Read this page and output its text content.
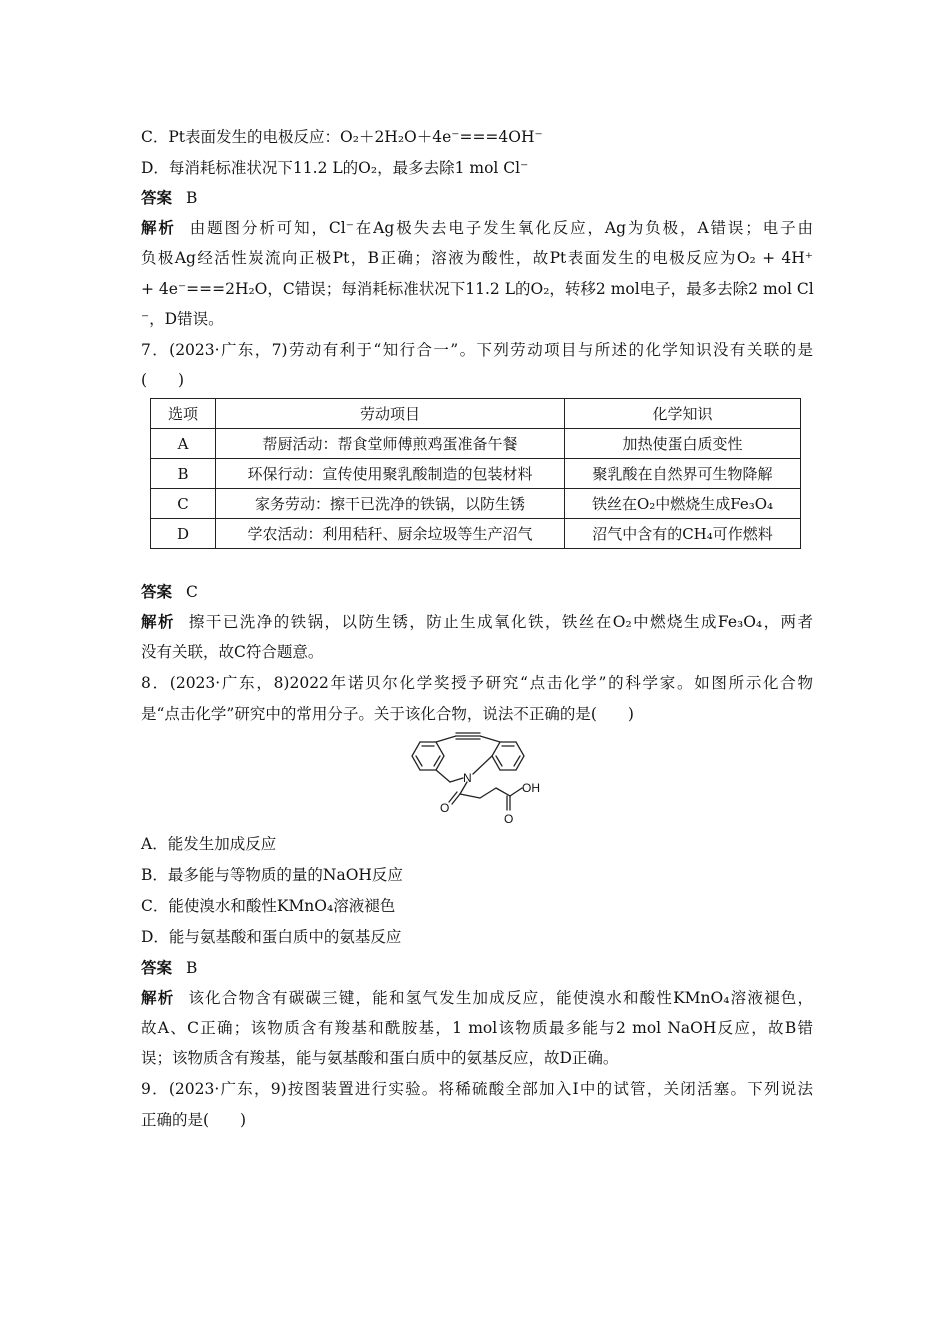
C．Pt表面发生的电极反应：O₂＋2H₂O＋4e⁻===4OH⁻
D．每消耗标准状况下11.2 L的O₂，最多去除1 mol Cl⁻
答案 B
解析 由题图分析可知，Cl⁻在Ag极失去电子发生氧化反应，Ag为负极，A错误；电子由
负极Ag经活性炭流向正极Pt，B正确；溶液为酸性，故Pt表面发生的电极反应为O₂ + 4H⁺
+ 4e⁻===2H₂O，C错误；每消耗标准状况下11.2 L的O₂，转移2 mol电子，最多去除2 mol Cl
⁻，D错误。
7．(2023·广东，7)劳动有利于“知行合一”。下列劳动项目与所述的化学知识没有关联的是
(　　)
选项	劳动项目	化学知识
A	帮厨活动：帮食堂师傅煎鸡蛋准备午餐	加热使蛋白质变性
B	环保行动：宣传使用聚乳酸制造的包装材料	聚乳酸在自然界可生物降解
C	家务劳动：擦干已洗净的铁锅，以防生锈	铁丝在O₂中燃烧生成Fe₃O₄
D	学农活动：利用秸秆、厨余垃圾等生产沼气	沼气中含有的CH₄可作燃料
答案 C
解析 擦干已洗净的铁锅，以防生锈，防止生成氧化铁，铁丝在O₂中燃烧生成Fe₃O₄，两者
没有关联，故C符合题意。
8．(2023·广东，8)2022年诺贝尔化学奖授予研究“点击化学”的科学家。如图所示化合物
是“点击化学”研究中的常用分子。关于该化合物，说法不正确的是(　　)
N
O
OH
O
A．能发生加成反应
B．最多能与等物质的量的NaOH反应
C．能使溴水和酸性KMnO₄溶液褪色
D．能与氨基酸和蛋白质中的氨基反应
答案 B
解析 该化合物含有碳碳三键，能和氢气发生加成反应，能使溴水和酸性KMnO₄溶液褪色，
故A、C正确；该物质含有羧基和酰胺基，1 mol该物质最多能与2 mol NaOH反应，故B错
误；该物质含有羧基，能与氨基酸和蛋白质中的氨基反应，故D正确。
9．(2023·广东，9)按图装置进行实验。将稀硫酸全部加入Ⅰ中的试管，关闭活塞。下列说法
正确的是(　　)
